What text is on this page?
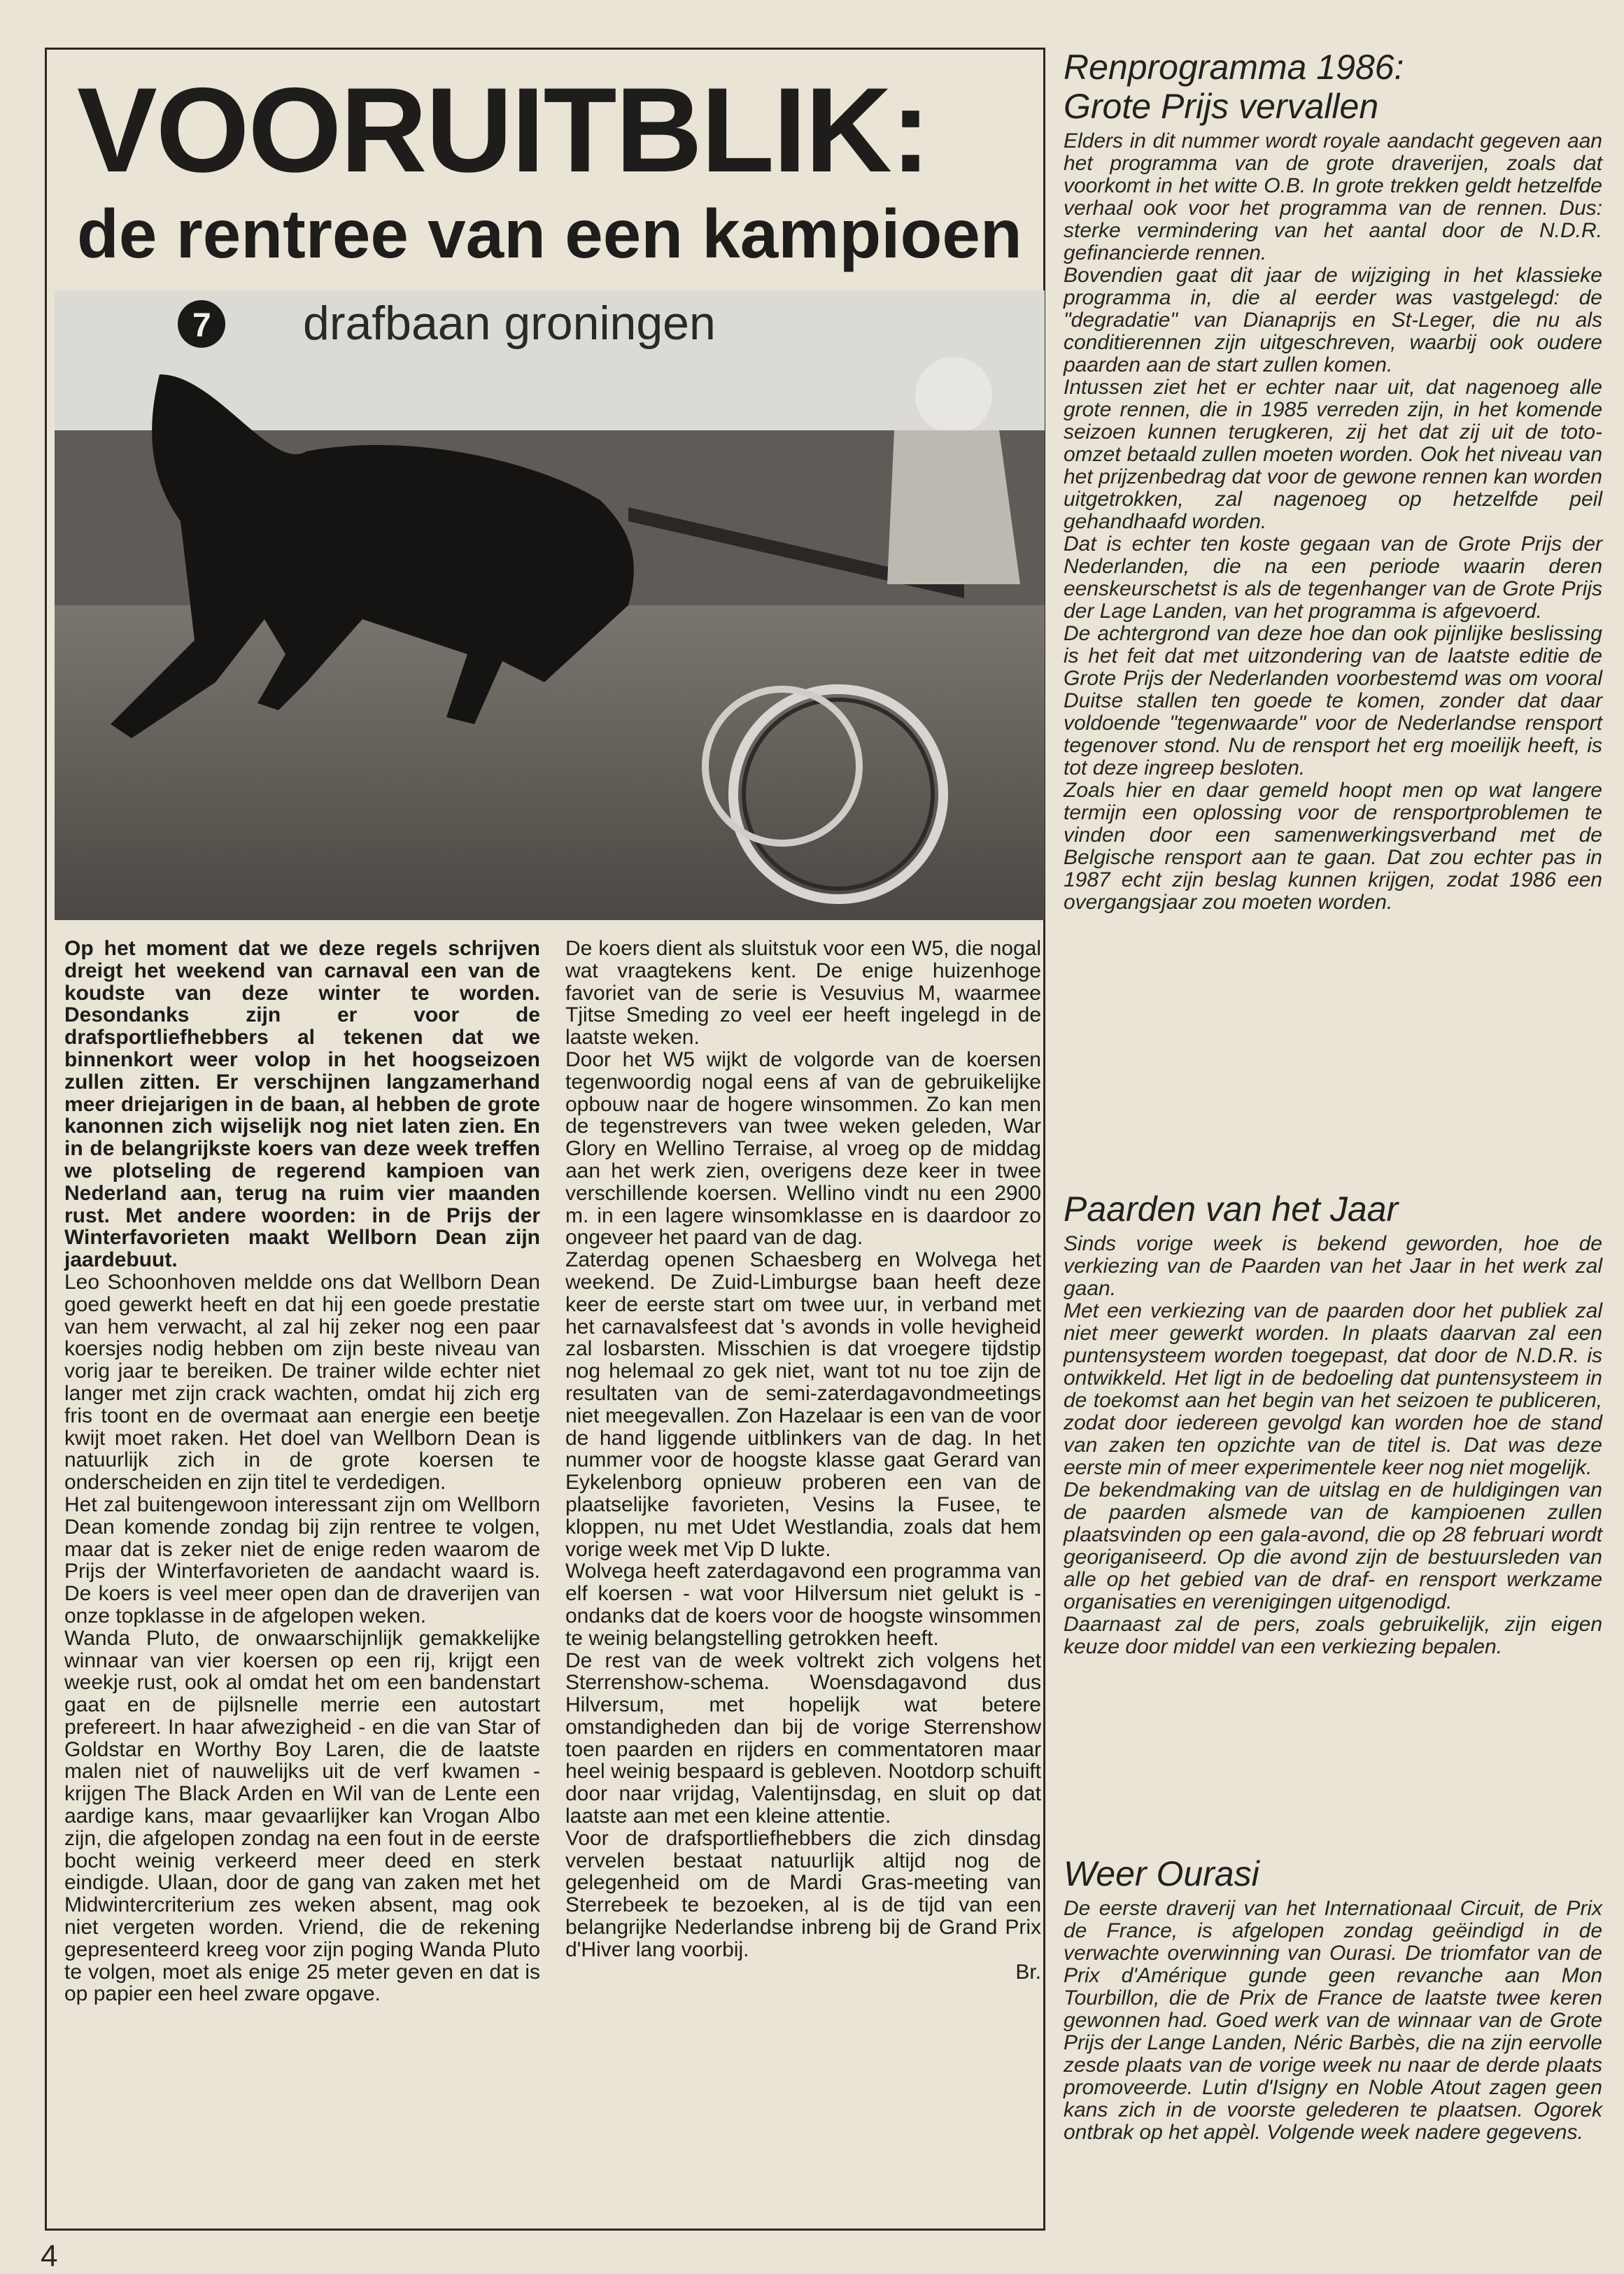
VOORUITBLIK:
de rentree van een kampioen
drafbaan groningen
7

Op het moment dat we deze regels schrijven dreigt het weekend van carnaval een van de koudste van deze winter te worden. Desondanks zijn er voor de drafsportliefhebbers al tekenen dat we binnenkort weer volop in het hoogseizoen zullen zitten. Er verschijnen langzamerhand meer driejarigen in de baan, al hebben de grote kanonnen zich wijselijk nog niet laten zien. En in de belangrijkste koers van deze week treffen we plotseling de regerend kampioen van Nederland aan, terug na ruim vier maanden rust. Met andere woorden: in de Prijs der Winterfavorieten maakt Wellborn Dean zijn jaardebuut.

Leo Schoonhoven meldde ons dat Wellborn Dean goed gewerkt heeft en dat hij een goede prestatie van hem verwacht, al zal hij zeker nog een paar koersjes nodig hebben om zijn beste niveau van vorig jaar te bereiken. De trainer wilde echter niet langer met zijn crack wachten, omdat hij zich erg fris toont en de overmaat aan energie een beetje kwijt moet raken. Het doel van Wellborn Dean is natuurlijk zich in de grote koersen te onderscheiden en zijn titel te verdedigen.

Het zal buitengewoon interessant zijn om Wellborn Dean komende zondag bij zijn rentree te volgen, maar dat is zeker niet de enige reden waarom de Prijs der Winterfavorieten de aandacht waard is. De koers is veel meer open dan de draverijen van onze topklasse in de afgelopen weken.

Wanda Pluto, de onwaarschijnlijk gemakkelijke winnaar van vier koersen op een rij, krijgt een weekje rust, ook al omdat het om een bandenstart gaat en de pijlsnelle merrie een autostart prefereert. In haar afwezigheid - en die van Star of Goldstar en Worthy Boy Laren, die de laatste malen niet of nauwelijks uit de verf kwamen - krijgen The Black Arden en Wil van de Lente een aardige kans, maar gevaarlijker kan Vrogan Albo zijn, die afgelopen zondag na een fout in de eerste bocht weinig verkeerd meer deed en sterk eindigde. Ulaan, door de gang van zaken met het Midwintercriterium zes weken absent, mag ook niet vergeten worden. Vriend, die de rekening gepresenteerd kreeg voor zijn poging Wanda Pluto te volgen, moet als enige 25 meter geven en dat is op papier een heel zware opgave.

De koers dient als sluitstuk voor een W5, die nogal wat vraagtekens kent. De enige huizenhoge favoriet van de serie is Vesuvius M, waarmee Tjitse Smeding zo veel eer heeft ingelegd in de laatste weken.

Door het W5 wijkt de volgorde van de koersen tegenwoordig nogal eens af van de gebruikelijke opbouw naar de hogere winsommen. Zo kan men de tegenstrevers van twee weken geleden, War Glory en Wellino Terraise, al vroeg op de middag aan het werk zien, overigens deze keer in twee verschillende koersen. Wellino vindt nu een 2900 m. in een lagere winsomklasse en is daardoor zo ongeveer het paard van de dag.

Zaterdag openen Schaesberg en Wolvega het weekend. De Zuid-Limburgse baan heeft deze keer de eerste start om twee uur, in verband met het carnavalsfeest dat 's avonds in volle hevigheid zal losbarsten. Misschien is dat vroegere tijdstip nog helemaal zo gek niet, want tot nu toe zijn de resultaten van de semi-zaterdagavondmeetings niet meegevallen. Zon Hazelaar is een van de voor de hand liggende uitblinkers van de dag. In het nummer voor de hoogste klasse gaat Gerard van Eykelenborg opnieuw proberen een van de plaatselijke favorieten, Vesins la Fusee, te kloppen, nu met Udet Westlandia, zoals dat hem vorige week met Vip D lukte.

Wolvega heeft zaterdagavond een programma van elf koersen - wat voor Hilversum niet gelukt is - ondanks dat de koers voor de hoogste winsommen te weinig belangstelling getrokken heeft.

De rest van de week voltrekt zich volgens het Sterrenshow-schema. Woensdagavond dus Hilversum, met hopelijk wat betere omstandigheden dan bij de vorige Sterrenshow toen paarden en rijders en commentatoren maar heel weinig bespaard is gebleven. Nootdorp schuift door naar vrijdag, Valentijnsdag, en sluit op dat laatste aan met een kleine attentie.

Voor de drafsportliefhebbers die zich dinsdag vervelen bestaat natuurlijk altijd nog de gelegenheid om de Mardi Gras-meeting van Sterrebeek te bezoeken, al is de tijd van een belangrijke Nederlandse inbreng bij de Grand Prix d'Hiver lang voorbij.

Br.

Renprogramma 1986:
Grote Prijs vervallen

Elders in dit nummer wordt royale aandacht gegeven aan het programma van de grote draverijen, zoals dat voorkomt in het witte O.B. In grote trekken geldt hetzelfde verhaal ook voor het programma van de rennen. Dus: sterke vermindering van het aantal door de N.D.R. gefinancierde rennen.

Bovendien gaat dit jaar de wijziging in het klassieke programma in, die al eerder was vastgelegd: de "degradatie" van Dianaprijs en St-Leger, die nu als conditierennen zijn uitgeschreven, waarbij ook oudere paarden aan de start zullen komen.

Intussen ziet het er echter naar uit, dat nagenoeg alle grote rennen, die in 1985 verreden zijn, in het komende seizoen kunnen terugkeren, zij het dat zij uit de toto-omzet betaald zullen moeten worden. Ook het niveau van het prijzenbedrag dat voor de gewone rennen kan worden uitgetrokken, zal nagenoeg op hetzelfde peil gehandhaafd worden.

Dat is echter ten koste gegaan van de Grote Prijs der Nederlanden, die na een periode waarin deren eenskeurschetst is als de tegenhanger van de Grote Prijs der Lage Landen, van het programma is afgevoerd.

De achtergrond van deze hoe dan ook pijnlijke beslissing is het feit dat met uitzondering van de laatste editie de Grote Prijs der Nederlanden voorbestemd was om vooral Duitse stallen ten goede te komen, zonder dat daar voldoende "tegenwaarde" voor de Nederlandse rensport tegenover stond. Nu de rensport het erg moeilijk heeft, is tot deze ingreep besloten.

Zoals hier en daar gemeld hoopt men op wat langere termijn een oplossing voor de rensportproblemen te vinden door een samenwerkingsverband met de Belgische rensport aan te gaan. Dat zou echter pas in 1987 echt zijn beslag kunnen krijgen, zodat 1986 een overgangsjaar zou moeten worden.

Paarden van het Jaar

Sinds vorige week is bekend geworden, hoe de verkiezing van de Paarden van het Jaar in het werk zal gaan.

Met een verkiezing van de paarden door het publiek zal niet meer gewerkt worden. In plaats daarvan zal een puntensysteem worden toegepast, dat door de N.D.R. is ontwikkeld. Het ligt in de bedoeling dat puntensysteem in de toekomst aan het begin van het seizoen te publiceren, zodat door iedereen gevolgd kan worden hoe de stand van zaken ten opzichte van de titel is. Dat was deze eerste min of meer experimentele keer nog niet mogelijk.

De bekendmaking van de uitslag en de huldigingen van de paarden alsmede van de kampioenen zullen plaatsvinden op een gala-avond, die op 28 februari wordt georiganiseerd. Op die avond zijn de bestuursleden van alle op het gebied van de draf- en rensport werkzame organisaties en verenigingen uitgenodigd.

Daarnaast zal de pers, zoals gebruikelijk, zijn eigen keuze door middel van een verkiezing bepalen.

Weer Ourasi

De eerste draverij van het Internationaal Circuit, de Prix de France, is afgelopen zondag geëindigd in de verwachte overwinning van Ourasi. De triomfator van de Prix d'Amérique gunde geen revanche aan Mon Tourbillon, die de Prix de France de laatste twee keren gewonnen had. Goed werk van de winnaar van de Grote Prijs der Lange Landen, Néric Barbès, die na zijn eervolle zesde plaats van de vorige week nu naar de derde plaats promoveerde. Lutin d'Isigny en Noble Atout zagen geen kans zich in de voorste gelederen te plaatsen. Ogorek ontbrak op het appèl. Volgende week nadere gegevens.

4
